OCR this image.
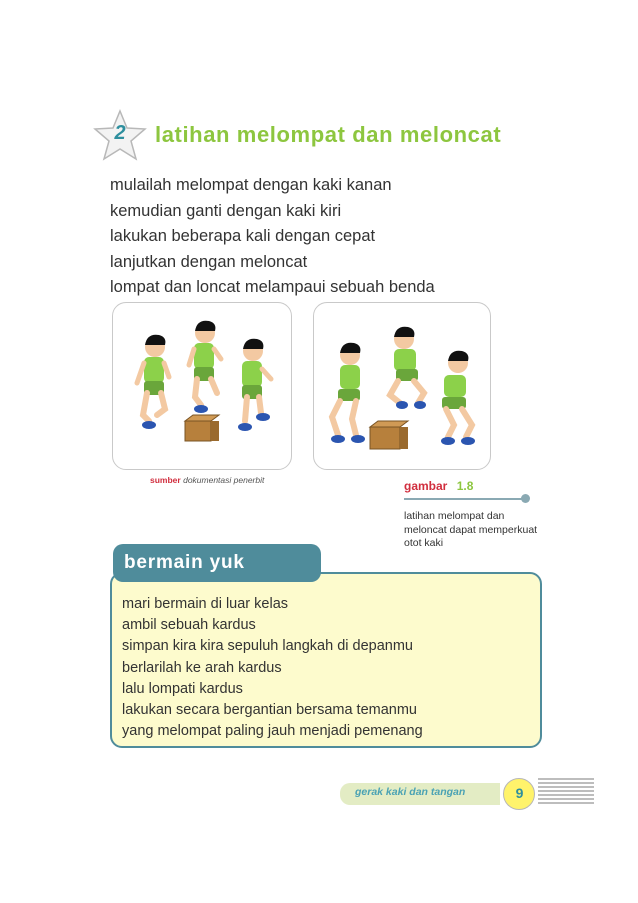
2	latihan melompat dan meloncat
mulailah melompat dengan kaki kanan
kemudian ganti dengan kaki kiri
lakukan beberapa kali dengan cepat
lanjutkan dengan meloncat
lompat dan loncat melampaui sebuah benda
sumber dokumentasi penerbit	gambar 1.8
latihan melompat dan meloncat dapat memperkuat otot kaki
bermain yuk
mari bermain di luar kelas
ambil sebuah kardus
simpan kira kira sepuluh langkah di depanmu
berlarilah ke arah kardus
lalu lompati kardus
lakukan secara bergantian bersama temanmu
yang melompat paling jauh menjadi pemenang
gerak kaki dan tangan	9
